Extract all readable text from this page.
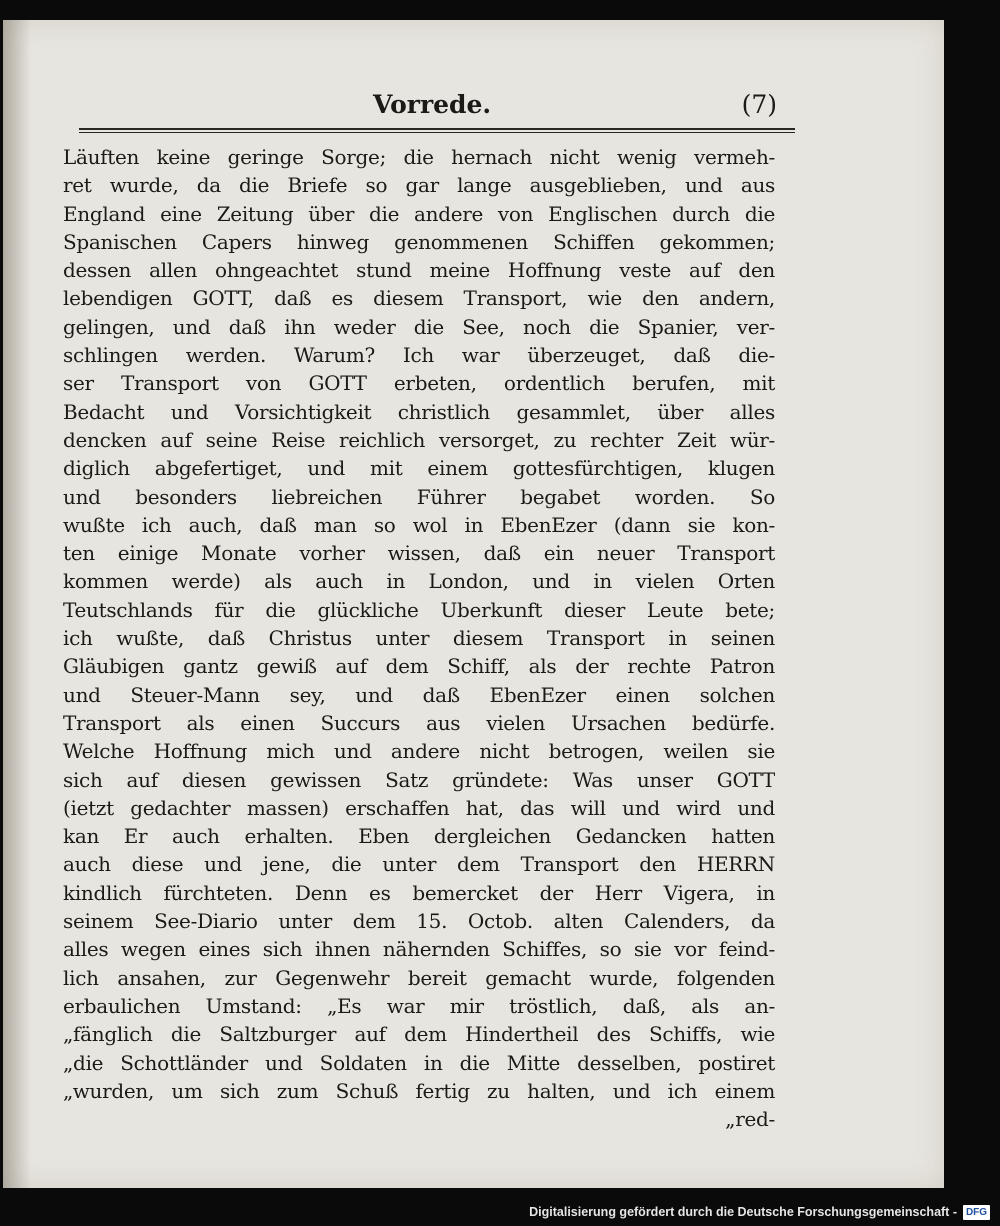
Vorrede.	(7)
Läuften keine geringe Sorge; die hernach nicht wenig vermeh-
ret wurde, da die Briefe so gar lange ausgeblieben, und aus
England eine Zeitung über die andere von Englischen durch die
Spanischen Capers hinweg genommenen Schiffen gekommen;
dessen allen ohngeachtet stund meine Hoffnung veste auf den
lebendigen GOTT, daß es diesem Transport, wie den andern,
gelingen, und daß ihn weder die See, noch die Spanier, ver-
schlingen werden. Warum? Ich war überzeuget, daß die-
ser Transport von GOTT erbeten, ordentlich berufen, mit
Bedacht und Vorsichtigkeit christlich gesammlet, über alles
dencken auf seine Reise reichlich versorget, zu rechter Zeit wür-
diglich abgefertiget, und mit einem gottesfürchtigen, klugen
und besonders liebreichen Führer begabet worden. So
wußte ich auch, daß man so wol in EbenEzer (dann sie kon-
ten einige Monate vorher wissen, daß ein neuer Transport
kommen werde) als auch in London, und in vielen Orten
Teutschlands für die glückliche Uberkunft dieser Leute bete;
ich wußte, daß Christus unter diesem Transport in seinen
Gläubigen gantz gewiß auf dem Schiff, als der rechte Patron
und Steuer-Mann sey, und daß EbenEzer einen solchen
Transport als einen Succurs aus vielen Ursachen bedürfe.
Welche Hoffnung mich und andere nicht betrogen, weilen sie
sich auf diesen gewissen Satz gründete: Was unser GOTT
(ietzt gedachter massen) erschaffen hat, das will und wird und
kan Er auch erhalten. Eben dergleichen Gedancken hatten
auch diese und jene, die unter dem Transport den HERRN
kindlich fürchteten. Denn es bemercket der Herr Vigera, in
seinem See-Diario unter dem 15. Octob. alten Calenders, da
alles wegen eines sich ihnen nähernden Schiffes, so sie vor feind-
lich ansahen, zur Gegenwehr bereit gemacht wurde, folgenden
erbaulichen Umstand: „Es war mir tröstlich, daß, als an-
„fänglich die Saltzburger auf dem Hindertheil des Schiffs, wie
„die Schottländer und Soldaten in die Mitte desselben, postiret
„wurden, um sich zum Schuß fertig zu halten, und ich einem
„red-
Digitalisierung gefördert durch die Deutsche Forschungsgemeinschaft - DFG
